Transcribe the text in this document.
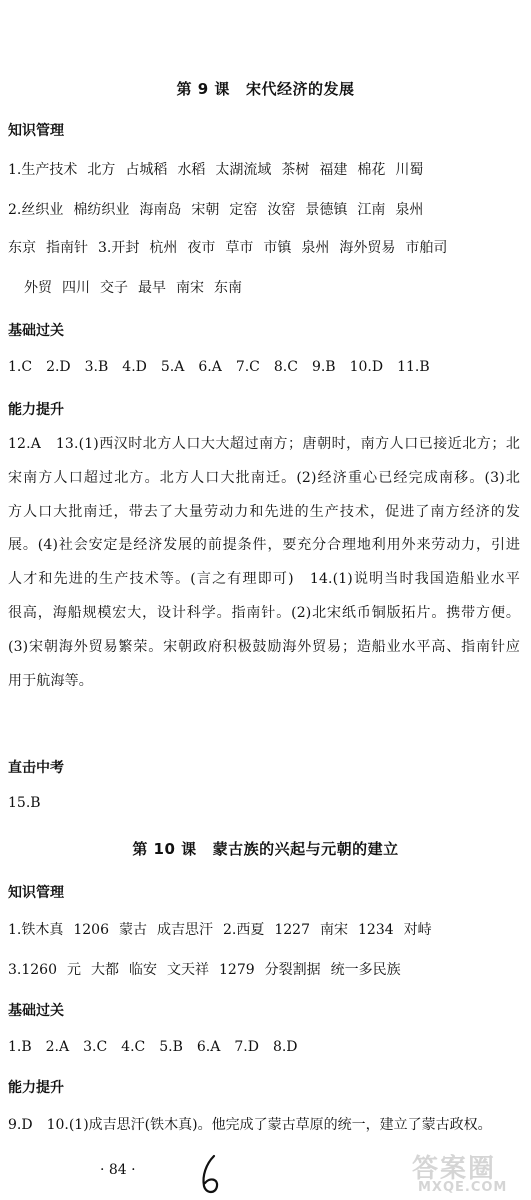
第 9 课 宋代经济的发展
知识管理
1.生产技术 北方 占城稻 水稻 太湖流域 茶树 福建 棉花 川蜀
2.丝织业 棉纺织业 海南岛 宋朝 定窑 汝窑 景德镇 江南 泉州
东京 指南针 3.开封 杭州 夜市 草市 市镇 泉州 海外贸易 市舶司
外贸 四川 交子 最早 南宋 东南
基础过关
1.C　2.D　3.B　4.D　5.A　6.A　7.C　8.C　9.B　10.D　11.B
能力提升
12.A　13.(1)西汉时北方人口大大超过南方；唐朝时，南方人口已接近北方；北
宋南方人口超过北方。北方人口大批南迁。(2)经济重心已经完成南移。(3)北
方人口大批南迁，带去了大量劳动力和先进的生产技术，促进了南方经济的发
展。(4)社会安定是经济发展的前提条件，要充分合理地利用外来劳动力，引进
人才和先进的生产技术等。(言之有理即可)　14.(1)说明当时我国造船业水平
很高，海船规模宏大，设计科学。指南针。(2)北宋纸币铜版拓片。携带方便。
(3)宋朝海外贸易繁荣。宋朝政府积极鼓励海外贸易；造船业水平高、指南针应
用于航海等。
直击中考
15.B
第 10 课 蒙古族的兴起与元朝的建立
知识管理
1.铁木真 1206 蒙古 成吉思汗 2.西夏 1227 南宋 1234 对峙
3.1260 元 大都 临安 文天祥 1279 分裂割据 统一多民族
基础过关
1.B　2.A　3.C　4.C　5.B　6.A　7.D　8.D
能力提升
9.D　10.(1)成吉思汗(铁木真)。他完成了蒙古草原的统一，建立了蒙古政权。
· 84 ·	答案圈
MXQE.COM
